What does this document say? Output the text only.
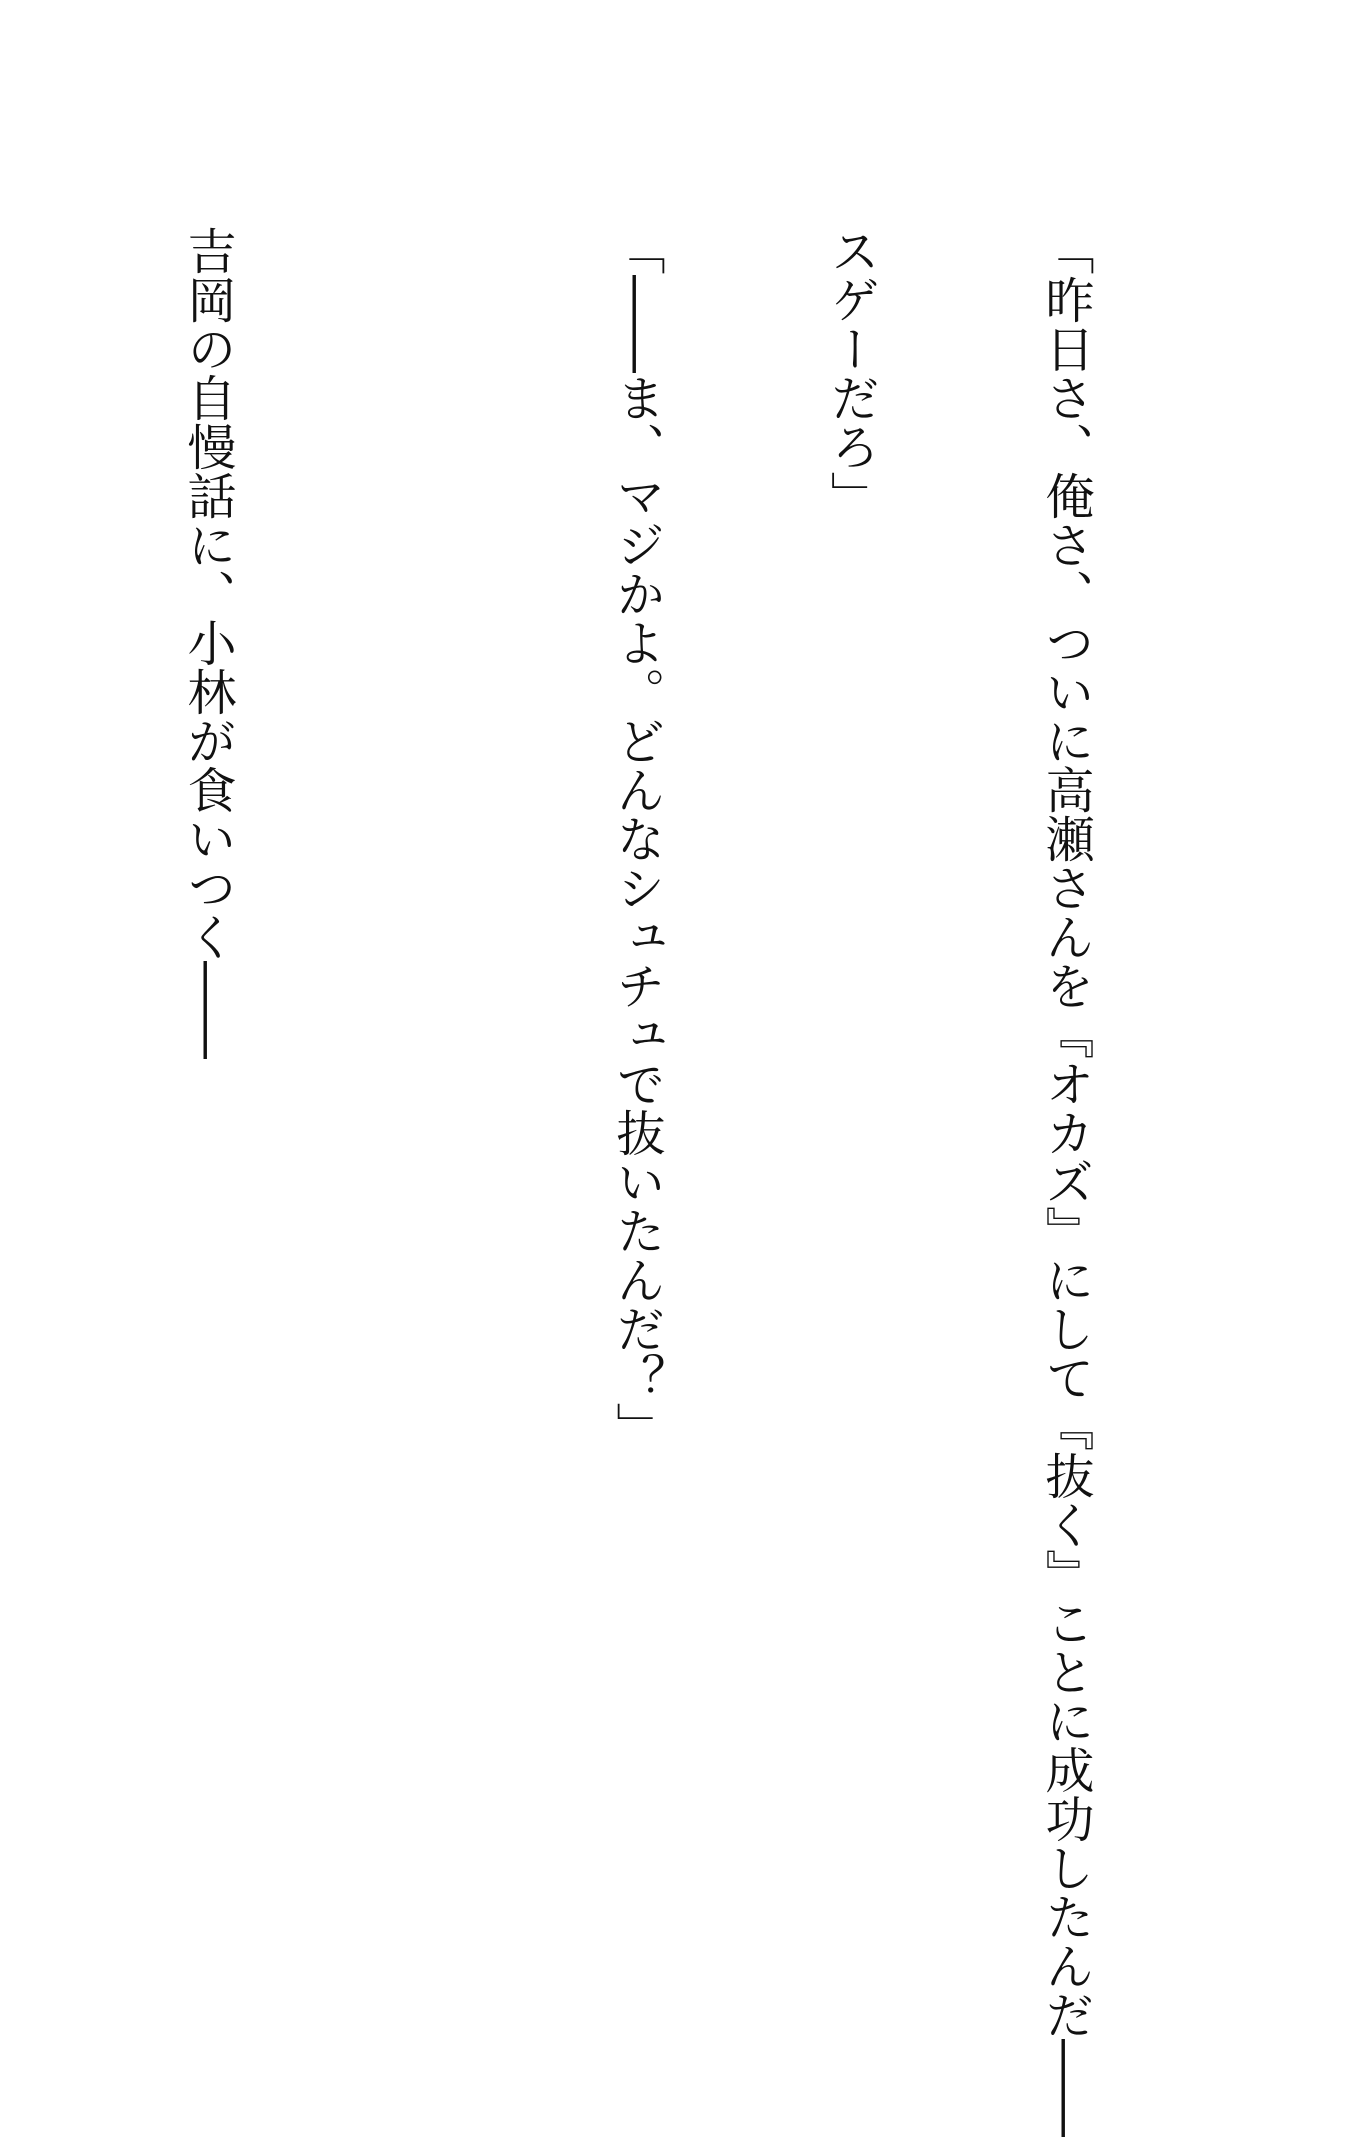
「昨日さ、俺さ、ついに高瀬さんを『オカズ』にして『抜く』ことに成功したんだ――

スゲーだろ」

「――ま、マジかよ。どんなシュチュで抜いたんだ？」

吉岡の自慢話に、小林が食いつく――
